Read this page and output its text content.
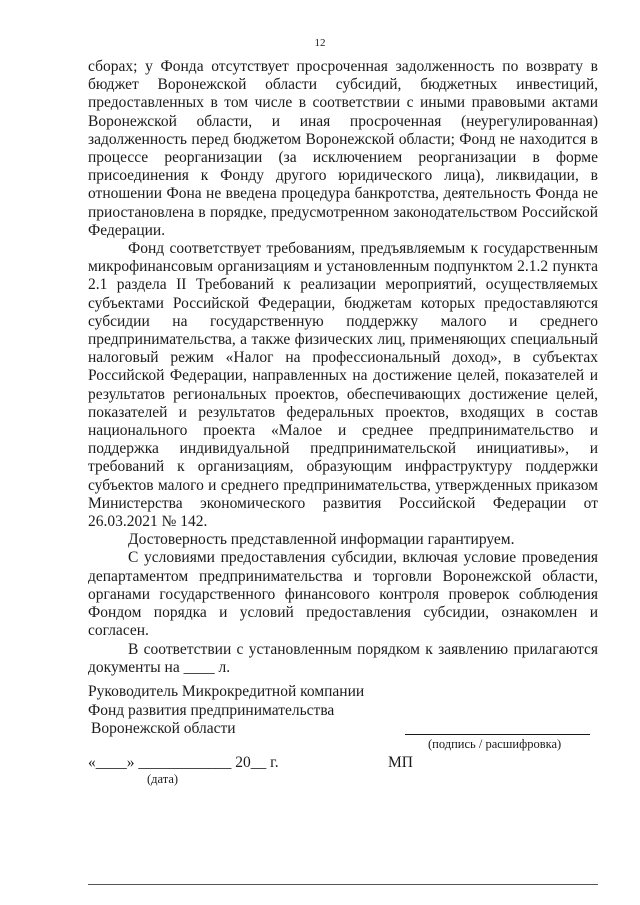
12

сборах; у Фонда отсутствует просроченная задолженность по возврату в бюджет Воронежской области субсидий, бюджетных инвестиций, предоставленных в том числе в соответствии с иными правовыми актами Воронежской области, и иная просроченная (неурегулированная) задолженность перед бюджетом Воронежской области; Фонд не находится в процессе реорганизации (за исключением реорганизации в форме присоединения к Фонду другого юридического лица), ликвидации, в отношении Фона не введена процедура банкротства, деятельность Фонда не приостановлена в порядке, предусмотренном законодательством Российской Федерации.

Фонд соответствует требованиям, предъявляемым к государственным микрофинансовым организациям и установленным подпунктом 2.1.2 пункта 2.1 раздела II Требований к реализации мероприятий, осуществляемых субъектами Российской Федерации, бюджетам которых предоставляются субсидии на государственную поддержку малого и среднего предпринимательства, а также физических лиц, применяющих специальный налоговый режим «Налог на профессиональный доход», в субъектах Российской Федерации, направленных на достижение целей, показателей и результатов региональных проектов, обеспечивающих достижение целей, показателей и результатов федеральных проектов, входящих в состав национального проекта «Малое и среднее предпринимательство и поддержка индивидуальной предпринимательской инициативы», и требований к организациям, образующим инфраструктуру поддержки субъектов малого и среднего предпринимательства, утвержденных приказом Министерства экономического развития Российской Федерации от 26.03.2021 № 142.

Достоверность представленной информации гарантируем.

С условиями предоставления субсидии, включая условие проведения департаментом предпринимательства и торговли Воронежской области, органами государственного финансового контроля проверок соблюдения Фондом порядка и условий предоставления субсидии, ознакомлен и согласен.

В соответствии с установленным порядком к заявлению прилагаются документы на ____ л.

Руководитель Микрокредитной компании
Фонд развития предпринимательства
Воронежской области
(подпись / расшифровка)
«____» ____________ 20__ г.
(дата)
МП
